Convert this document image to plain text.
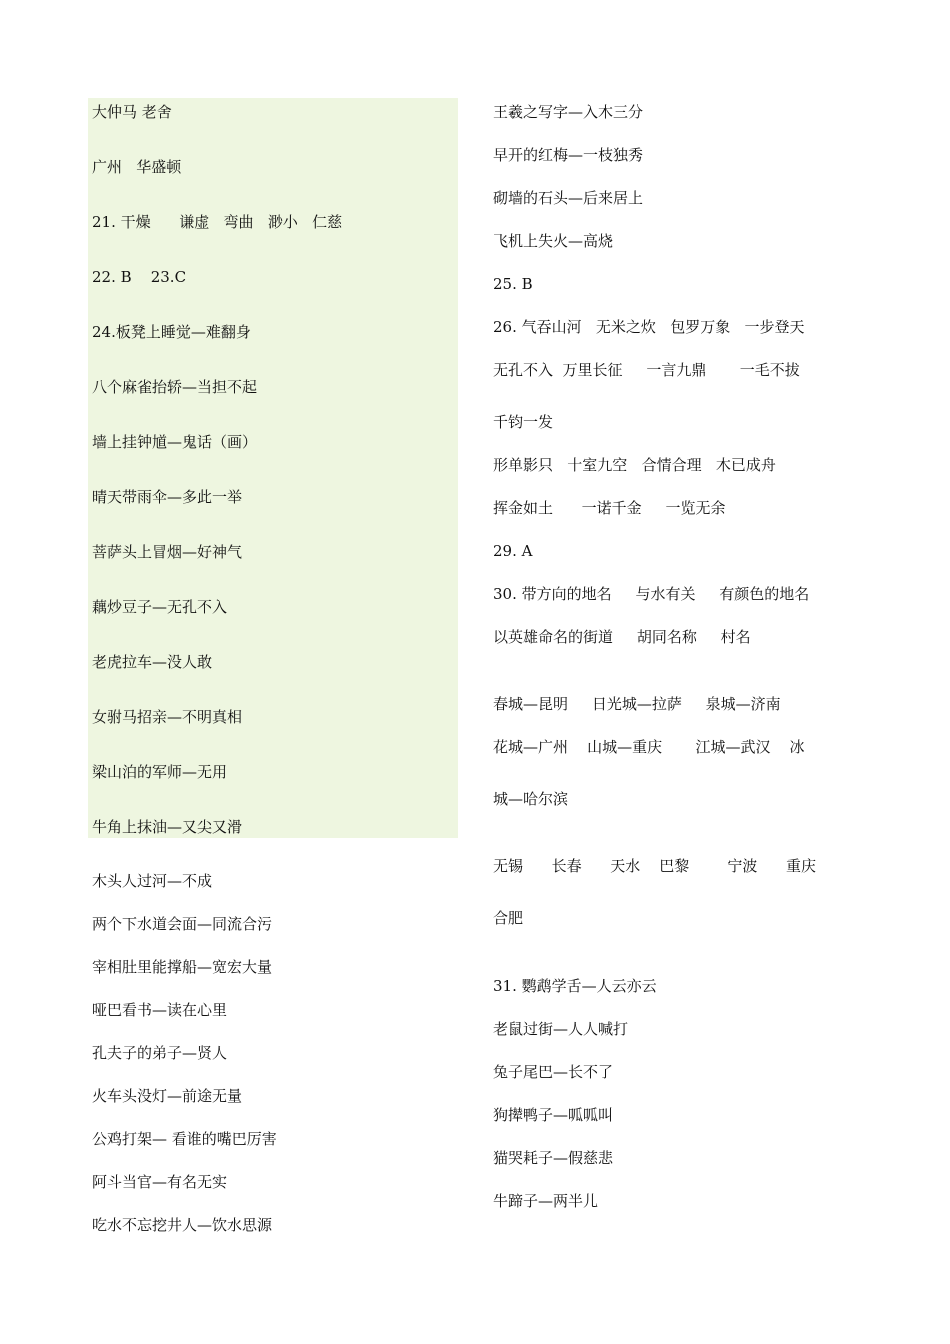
大仲马 老舍
广州   华盛顿
21. 干燥      谦虚   弯曲   渺小   仁慈
22. B    23.C
24.板凳上睡觉—难翻身
八个麻雀抬轿—当担不起
墙上挂钟馗—鬼话（画）
晴天带雨伞—多此一举
菩萨头上冒烟—好神气
藕炒豆子—无孔不入
老虎拉车—没人敢
女驸马招亲—不明真相
梁山泊的军师—无用
牛角上抹油—又尖又滑
木头人过河—不成
两个下水道会面—同流合污
宰相肚里能撑船—宽宏大量
哑巴看书—读在心里
孔夫子的弟子—贤人
火车头没灯—前途无量
公鸡打架— 看谁的嘴巴厉害
阿斗当官—有名无实
吃水不忘挖井人—饮水思源
王羲之写字—入木三分
早开的红梅—一枝独秀
砌墙的石头—后来居上
飞机上失火—高烧
25. B
26. 气吞山河   无米之炊   包罗万象   一步登天
无孔不入  万里长征     一言九鼎       一毛不拔
千钧一发
形单影只   十室九空   合情合理   木已成舟
挥金如土      一诺千金     一览无余
29. A
30. 带方向的地名     与水有关     有颜色的地名
以英雄命名的街道     胡同名称     村名
春城—昆明     日光城—拉萨     泉城—济南
花城—广州    山城—重庆       江城—武汉    冰
城—哈尔滨
无锡      长春      天水    巴黎        宁波      重庆
合肥
31. 鹦鹉学舌—人云亦云
老鼠过街—人人喊打
兔子尾巴—长不了
狗撵鸭子—呱呱叫
猫哭耗子—假慈悲
牛蹄子—两半儿
